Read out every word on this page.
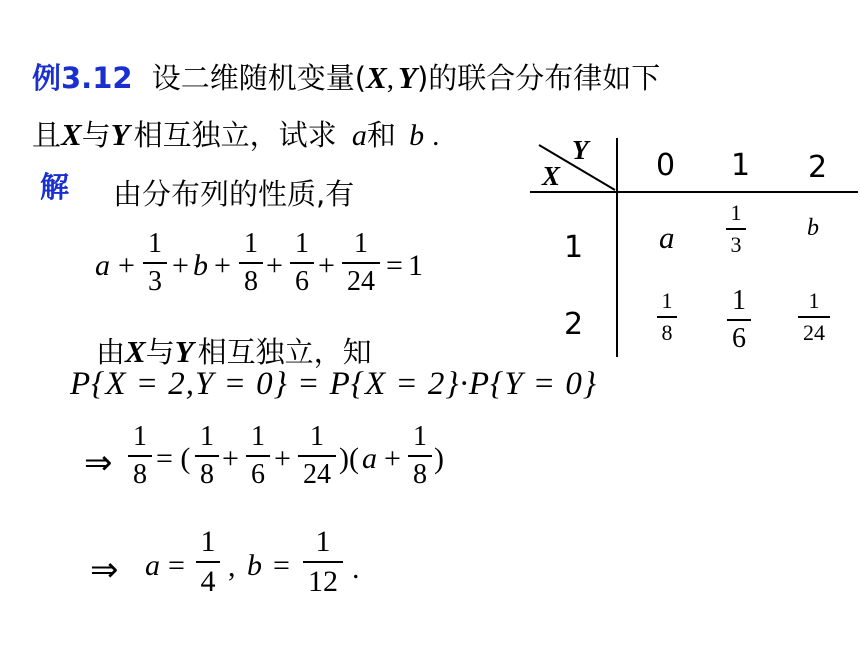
例3.12 设二维随机变量(X, Y)的联合分布律如下
且X与Y 相互独立，试求 a和 b .
解 由分布列的性质,有
a +
1
3 + b +
1
8 +
1
6 +
1
24 = 1
由X与Y 相互独立，知
P{X = 2,Y = 0} = P{X = 2}·P{Y = 0}
⇒
1
8 = (
1
8 +
1
6 +
1
24 )( a +
1
8 )
⇒ a =
1
4 , b =
1
12 .
Y
X	0 1 2
1
2
a
1
3
b
1
8
1
6
1
24
